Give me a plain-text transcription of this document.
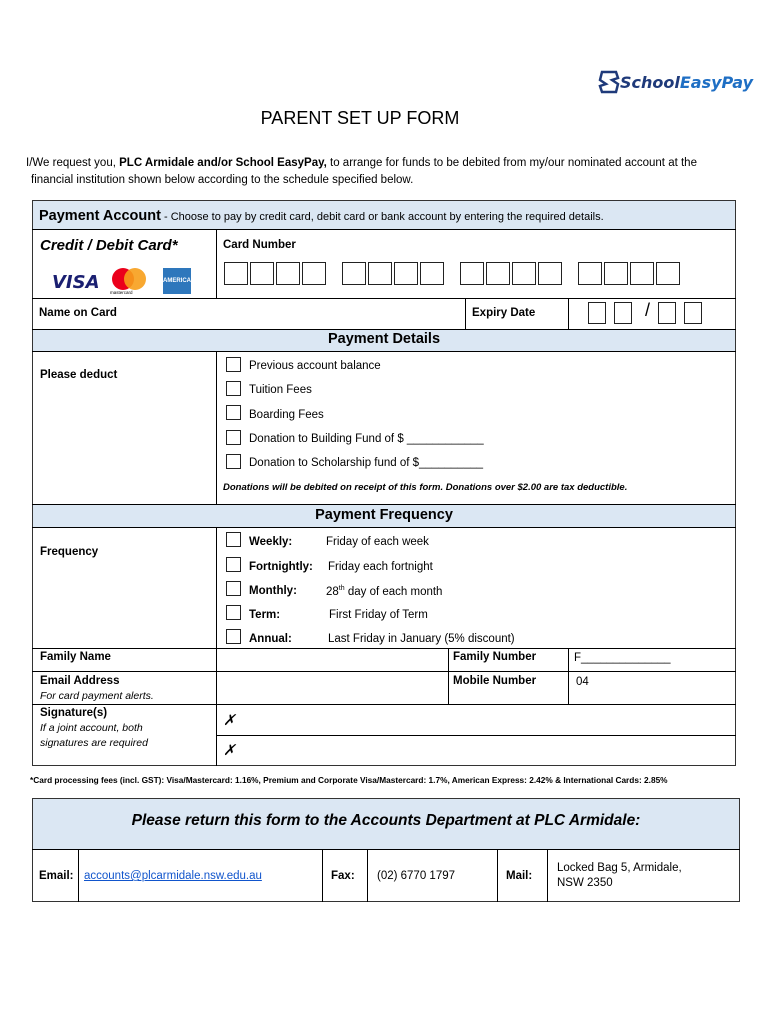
SchoolEasyPay
PARENT SET UP FORM
I/We request you, PLC Armidale and/or School EasyPay, to arrange for funds to be debited from my/our nominated account at the
financial institution shown below according to the schedule specified below.
Payment Account - Choose to pay by credit card, debit card or bank account by entering the required details.
Credit / Debit Card*
VISA mastercard
AMERICAN EXPRESS
Card Number
Name on Card	Expiry Date	/
Payment Details
Please deduct
Previous account balance
Tuition Fees
Boarding Fees
Donation to Building Fund of $ ____________
Donation to Scholarship fund of $__________
Donations will be debited on receipt of this form. Donations over $2.00 are tax deductible.
Payment Frequency
Frequency
Weekly:	Friday of each week
Fortnightly: Friday each fortnight
Monthly:	28th day of each month
Term:	First Friday of Term
Annual:	Last Friday in January (5% discount)
Family Name	Family Number	F______________
Email Address
For card payment alerts.
Mobile Number	04
Signature(s)
If a joint account, both
signatures are required
✗
✗
*Card processing fees (incl. GST): Visa/Mastercard: 1.16%, Premium and Corporate Visa/Mastercard: 1.7%, American Express: 2.42% & International Cards: 2.85%
Please return this form to the Accounts Department at PLC Armidale:
Email: accounts@plcarmidale.nsw.edu.au	Fax: (02) 6770 1797	Mail:
Locked Bag 5, Armidale,
NSW 2350
